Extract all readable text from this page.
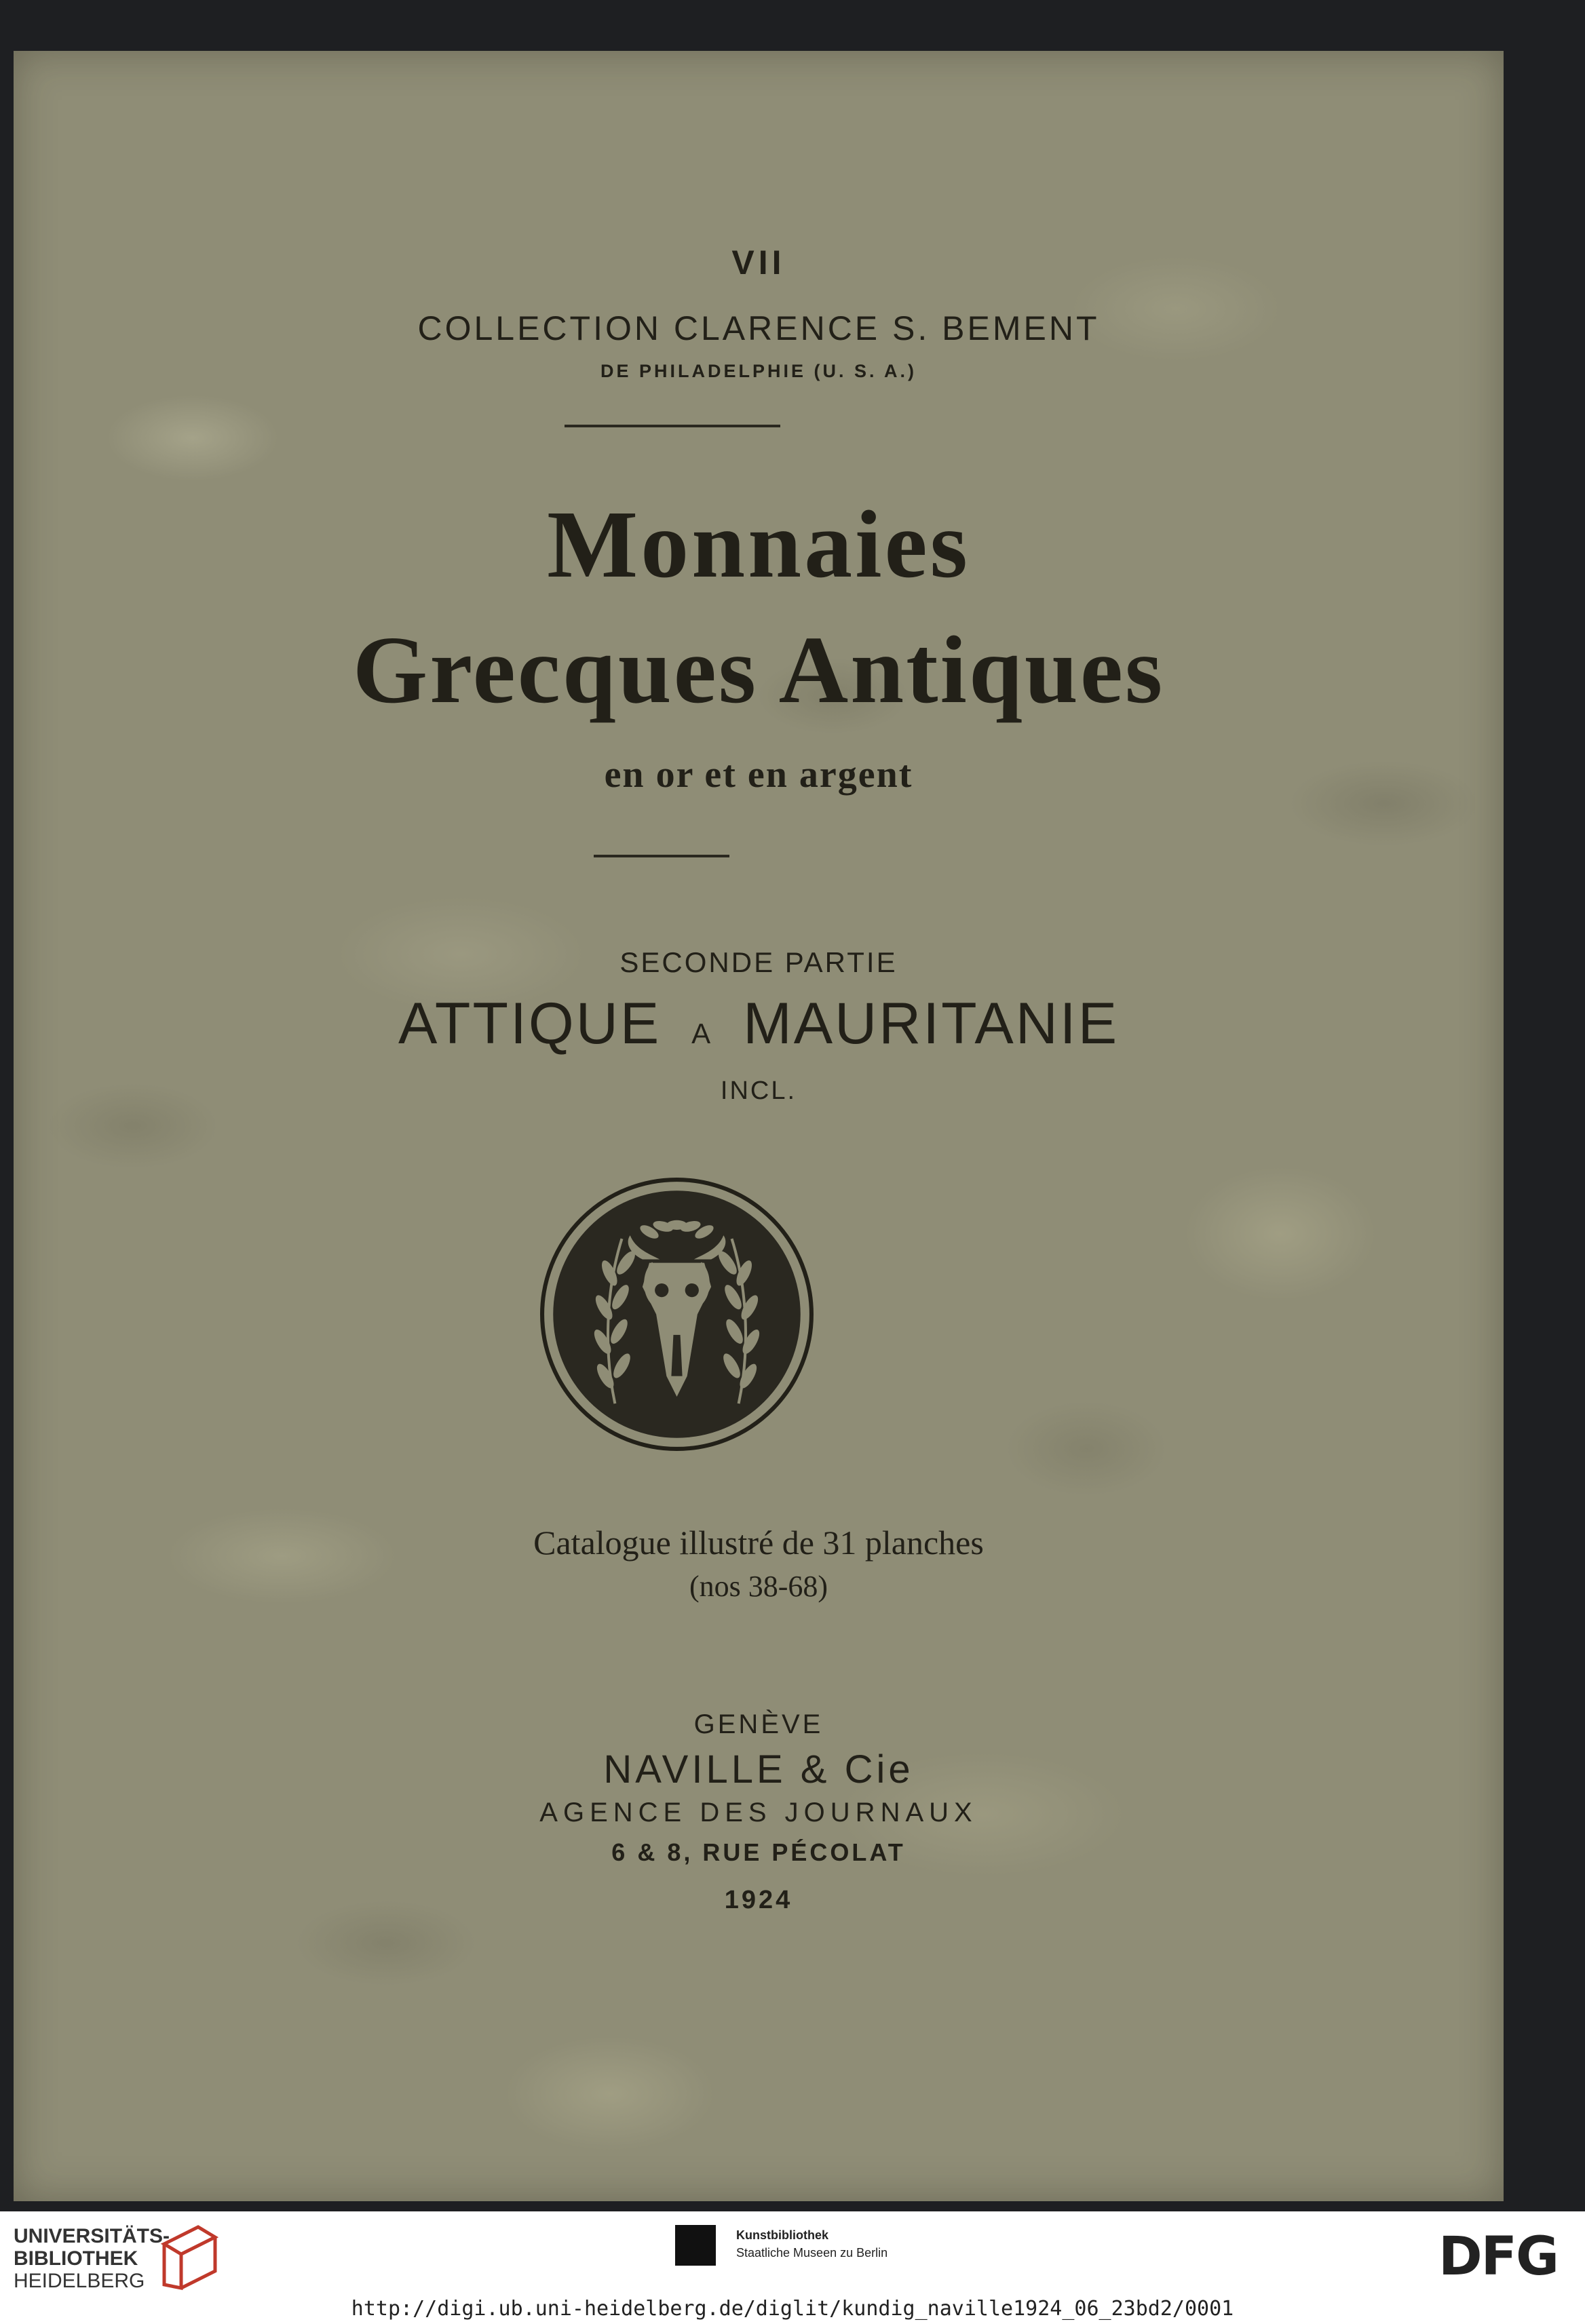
VII
COLLECTION CLARENCE S. BEMENT
DE PHILADELPHIE (U. S. A.)
Monnaies
Grecques Antiques
en or et en argent
SECONDE PARTIE
ATTIQUE A MAURITANIE
INCL.
Catalogue illustré de 31 planches
(nos 38-68)
GENÈVE
NAVILLE & Cie
AGENCE DES JOURNAUX
6 & 8, RUE PÉCOLAT
1924
UNIVERSITÄTS-
BIBLIOTHEK
HEIDELBERG
Kunstbibliothek
Staatliche Museen zu Berlin	DFG
http://digi.ub.uni-heidelberg.de/diglit/kundig_naville1924_06_23bd2/0001
